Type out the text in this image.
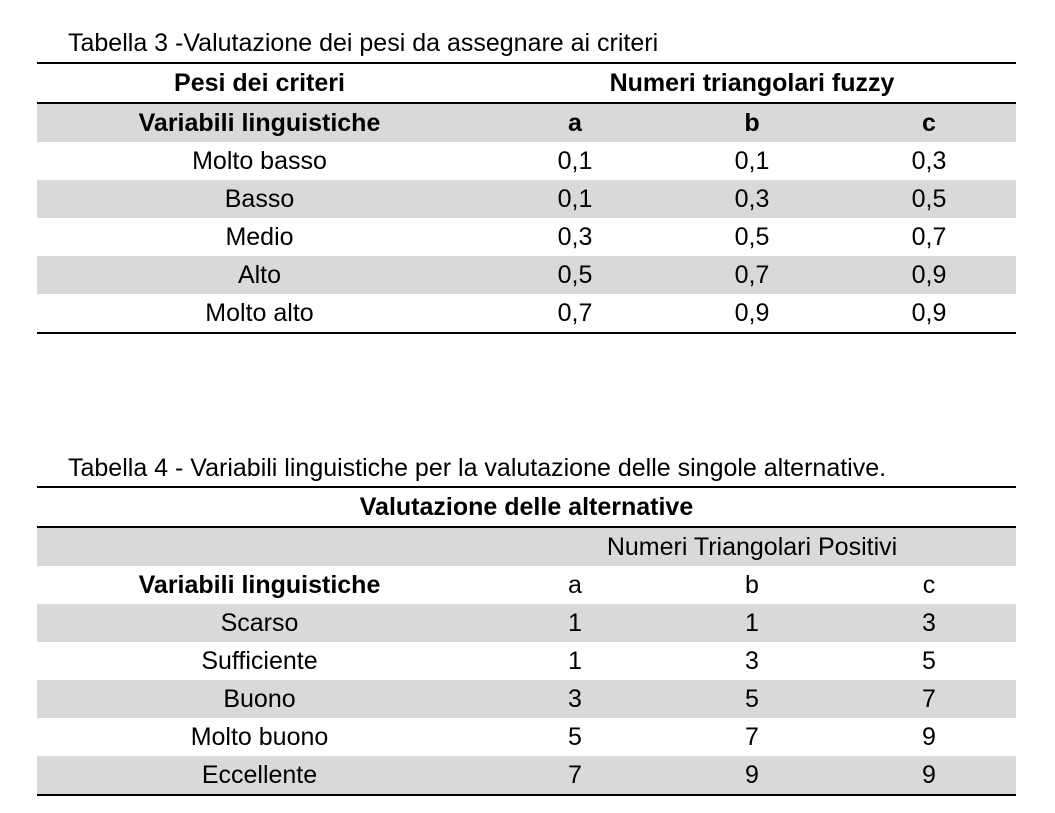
Tabella 3 -Valutazione dei pesi da assegnare ai criteri
Pesi dei criteri	Numeri triangolari fuzzy
Variabili linguistiche	a	b	c
Molto basso	0,1	0,1	0,3
Basso	0,1	0,3	0,5
Medio	0,3	0,5	0,7
Alto	0,5	0,7	0,9
Molto alto	0,7	0,9	0,9
Tabella 4 - Variabili linguistiche per la valutazione delle singole alternative.
Valutazione delle alternative
Numeri Triangolari Positivi
Variabili linguistiche	a	b	c
Scarso	1	1	3
Sufficiente	1	3	5
Buono	3	5	7
Molto buono	5	7	9
Eccellente	7	9	9
